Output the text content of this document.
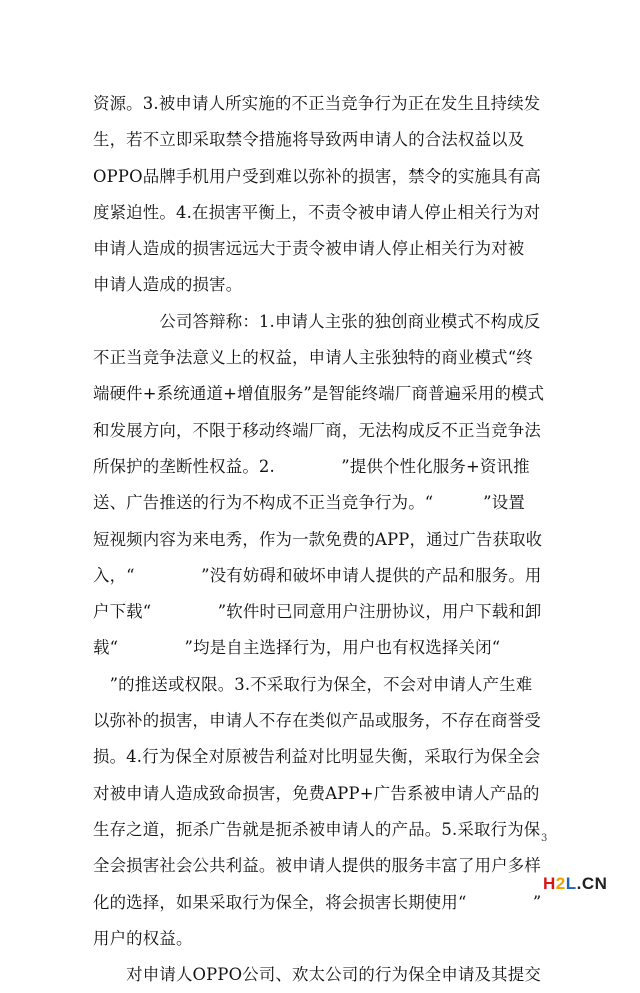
资源。3.被申请人所实施的不正当竞争行为正在发生且持续发
生，若不立即采取禁令措施将导致两申请人的合法权益以及
OPPO品牌手机用户受到难以弥补的损害，禁令的实施具有高
度紧迫性。4.在损害平衡上，不责令被申请人停止相关行为对
申请人造成的损害远远大于责令被申请人停止相关行为对被
申请人造成的损害。
　　　　公司答辩称：1.申请人主张的独创商业模式不构成反
不正当竞争法意义上的权益，申请人主张独特的商业模式“终
端硬件+系统通道+增值服务”是智能终端厂商普遍采用的模式
和发展方向，不限于移动终端厂商，无法构成反不正当竞争法
所保护的垄断性权益。2.　　　　”提供个性化服务+资讯推
送、广告推送的行为不构成不正当竞争行为。“　　　”设置
短视频内容为来电秀，作为一款免费的APP，通过广告获取收
入，“　　　　”没有妨碍和破坏申请人提供的产品和服务。用
户下载“　　　　”软件时已同意用户注册协议，用户下载和卸
载“　　　　”均是自主选择行为，用户也有权选择关闭“
　”的推送或权限。3.不采取行为保全，不会对申请人产生难
以弥补的损害，申请人不存在类似产品或服务，不存在商誉受
损。4.行为保全对原被告利益对比明显失衡，采取行为保全会
对被申请人造成致命损害，免费APP+广告系被申请人产品的
生存之道，扼杀广告就是扼杀被申请人的产品。5.采取行为保
全会损害社会公共利益。被申请人提供的服务丰富了用户多样
化的选择，如果采取行为保全，将会损害长期使用“　　　　”
用户的权益。
　　对申请人OPPO公司、欢太公司的行为保全申请及其提交
3
H2L.CN
